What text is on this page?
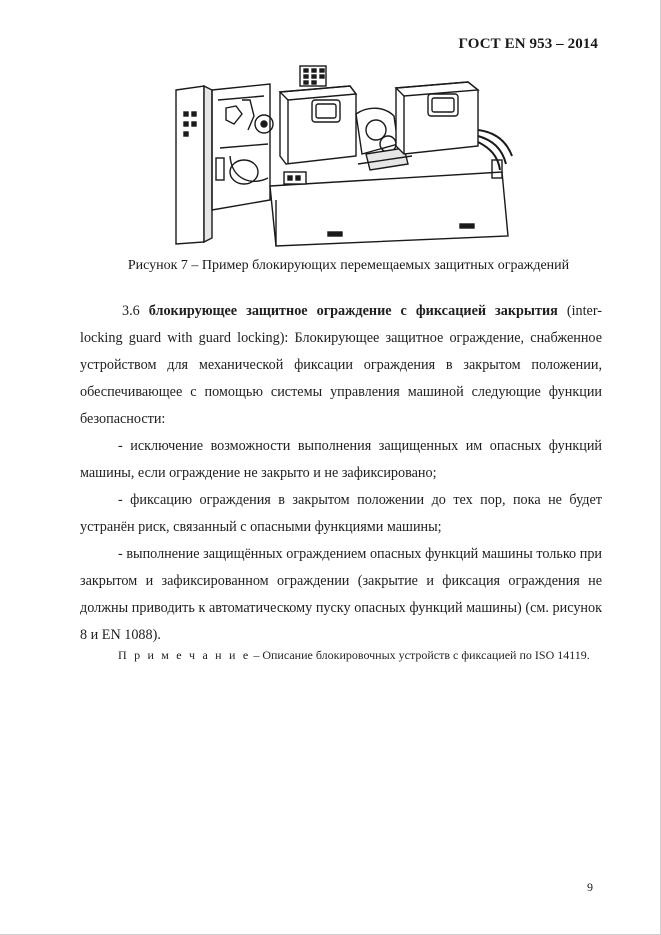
ГОСТ EN 953 – 2014
Рисунок 7 – Пример блокирующих перемещаемых защитных ограждений

3.6 блокирующее защитное ограждение с фиксацией закрытия (inter-locking guard with guard locking): Блокирующее защитное ограждение, снабженное устройством для механической фиксации ограждения в закрытом положении, обеспечивающее с помощью системы управления машиной следующие функции безопасности:

- исключение возможности выполнения защищенных им опасных функций машины, если ограждение не закрыто и не зафиксировано;

- фиксацию ограждения в закрытом положении до тех пор, пока не будет устранён риск, связанный с опасными функциями машины;

- выполнение защищённых ограждением опасных функций машины только при закрытом и зафиксированном ограждении (закрытие и фиксация ограждения не должны приводить к автоматическому пуску опасных функций машины) (см. рисунок 8 и EN 1088).

П р и м е ч а н и е – Описание блокировочных устройств с фиксацией по ISO 14119.
9
